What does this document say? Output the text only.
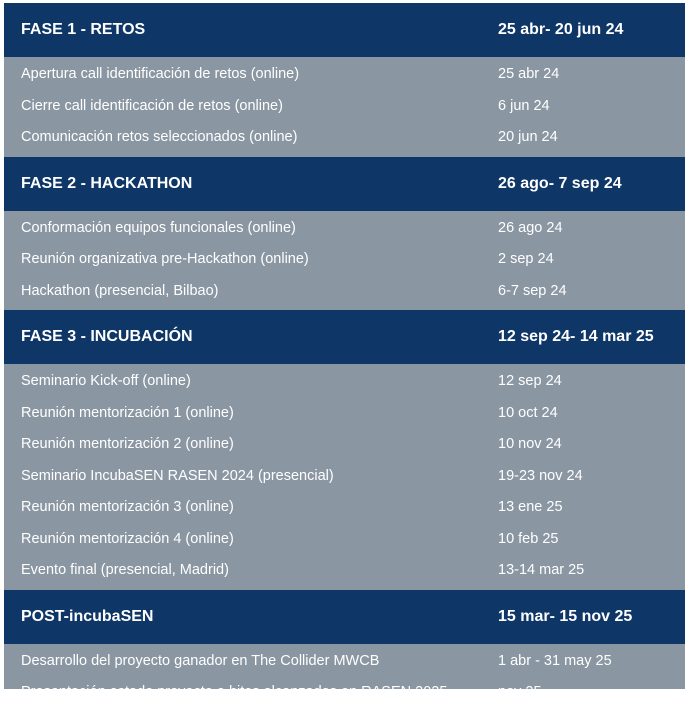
FASE 1 - RETOS	25 abr- 20 jun 24
Apertura call identificación de retos (online)	25 abr 24
Cierre call identificación de retos (online)	6 jun 24
Comunicación retos seleccionados (online)	20 jun 24
FASE 2 - HACKATHON	26 ago- 7 sep 24
Conformación equipos funcionales (online)	26 ago 24
Reunión organizativa pre-Hackathon (online)	2 sep 24
Hackathon (presencial, Bilbao)	6-7 sep 24
FASE 3 - INCUBACIÓN	12 sep 24- 14 mar 25
Seminario Kick-off (online)	12 sep 24
Reunión mentorización 1 (online)	10 oct 24
Reunión mentorización 2 (online)	10 nov 24
Seminario IncubaSEN RASEN 2024 (presencial)	19-23 nov 24
Reunión mentorización 3 (online)	13 ene 25
Reunión mentorización 4 (online)	10 feb 25
Evento final (presencial, Madrid)	13-14 mar 25
POST-incubaSEN	15 mar- 15 nov 25
Desarrollo del proyecto ganador en The Collider MWCB	1 abr - 31 may 25
Presentación estado proyecto e hitos alcanzados en RASEN 2025	nov 25
